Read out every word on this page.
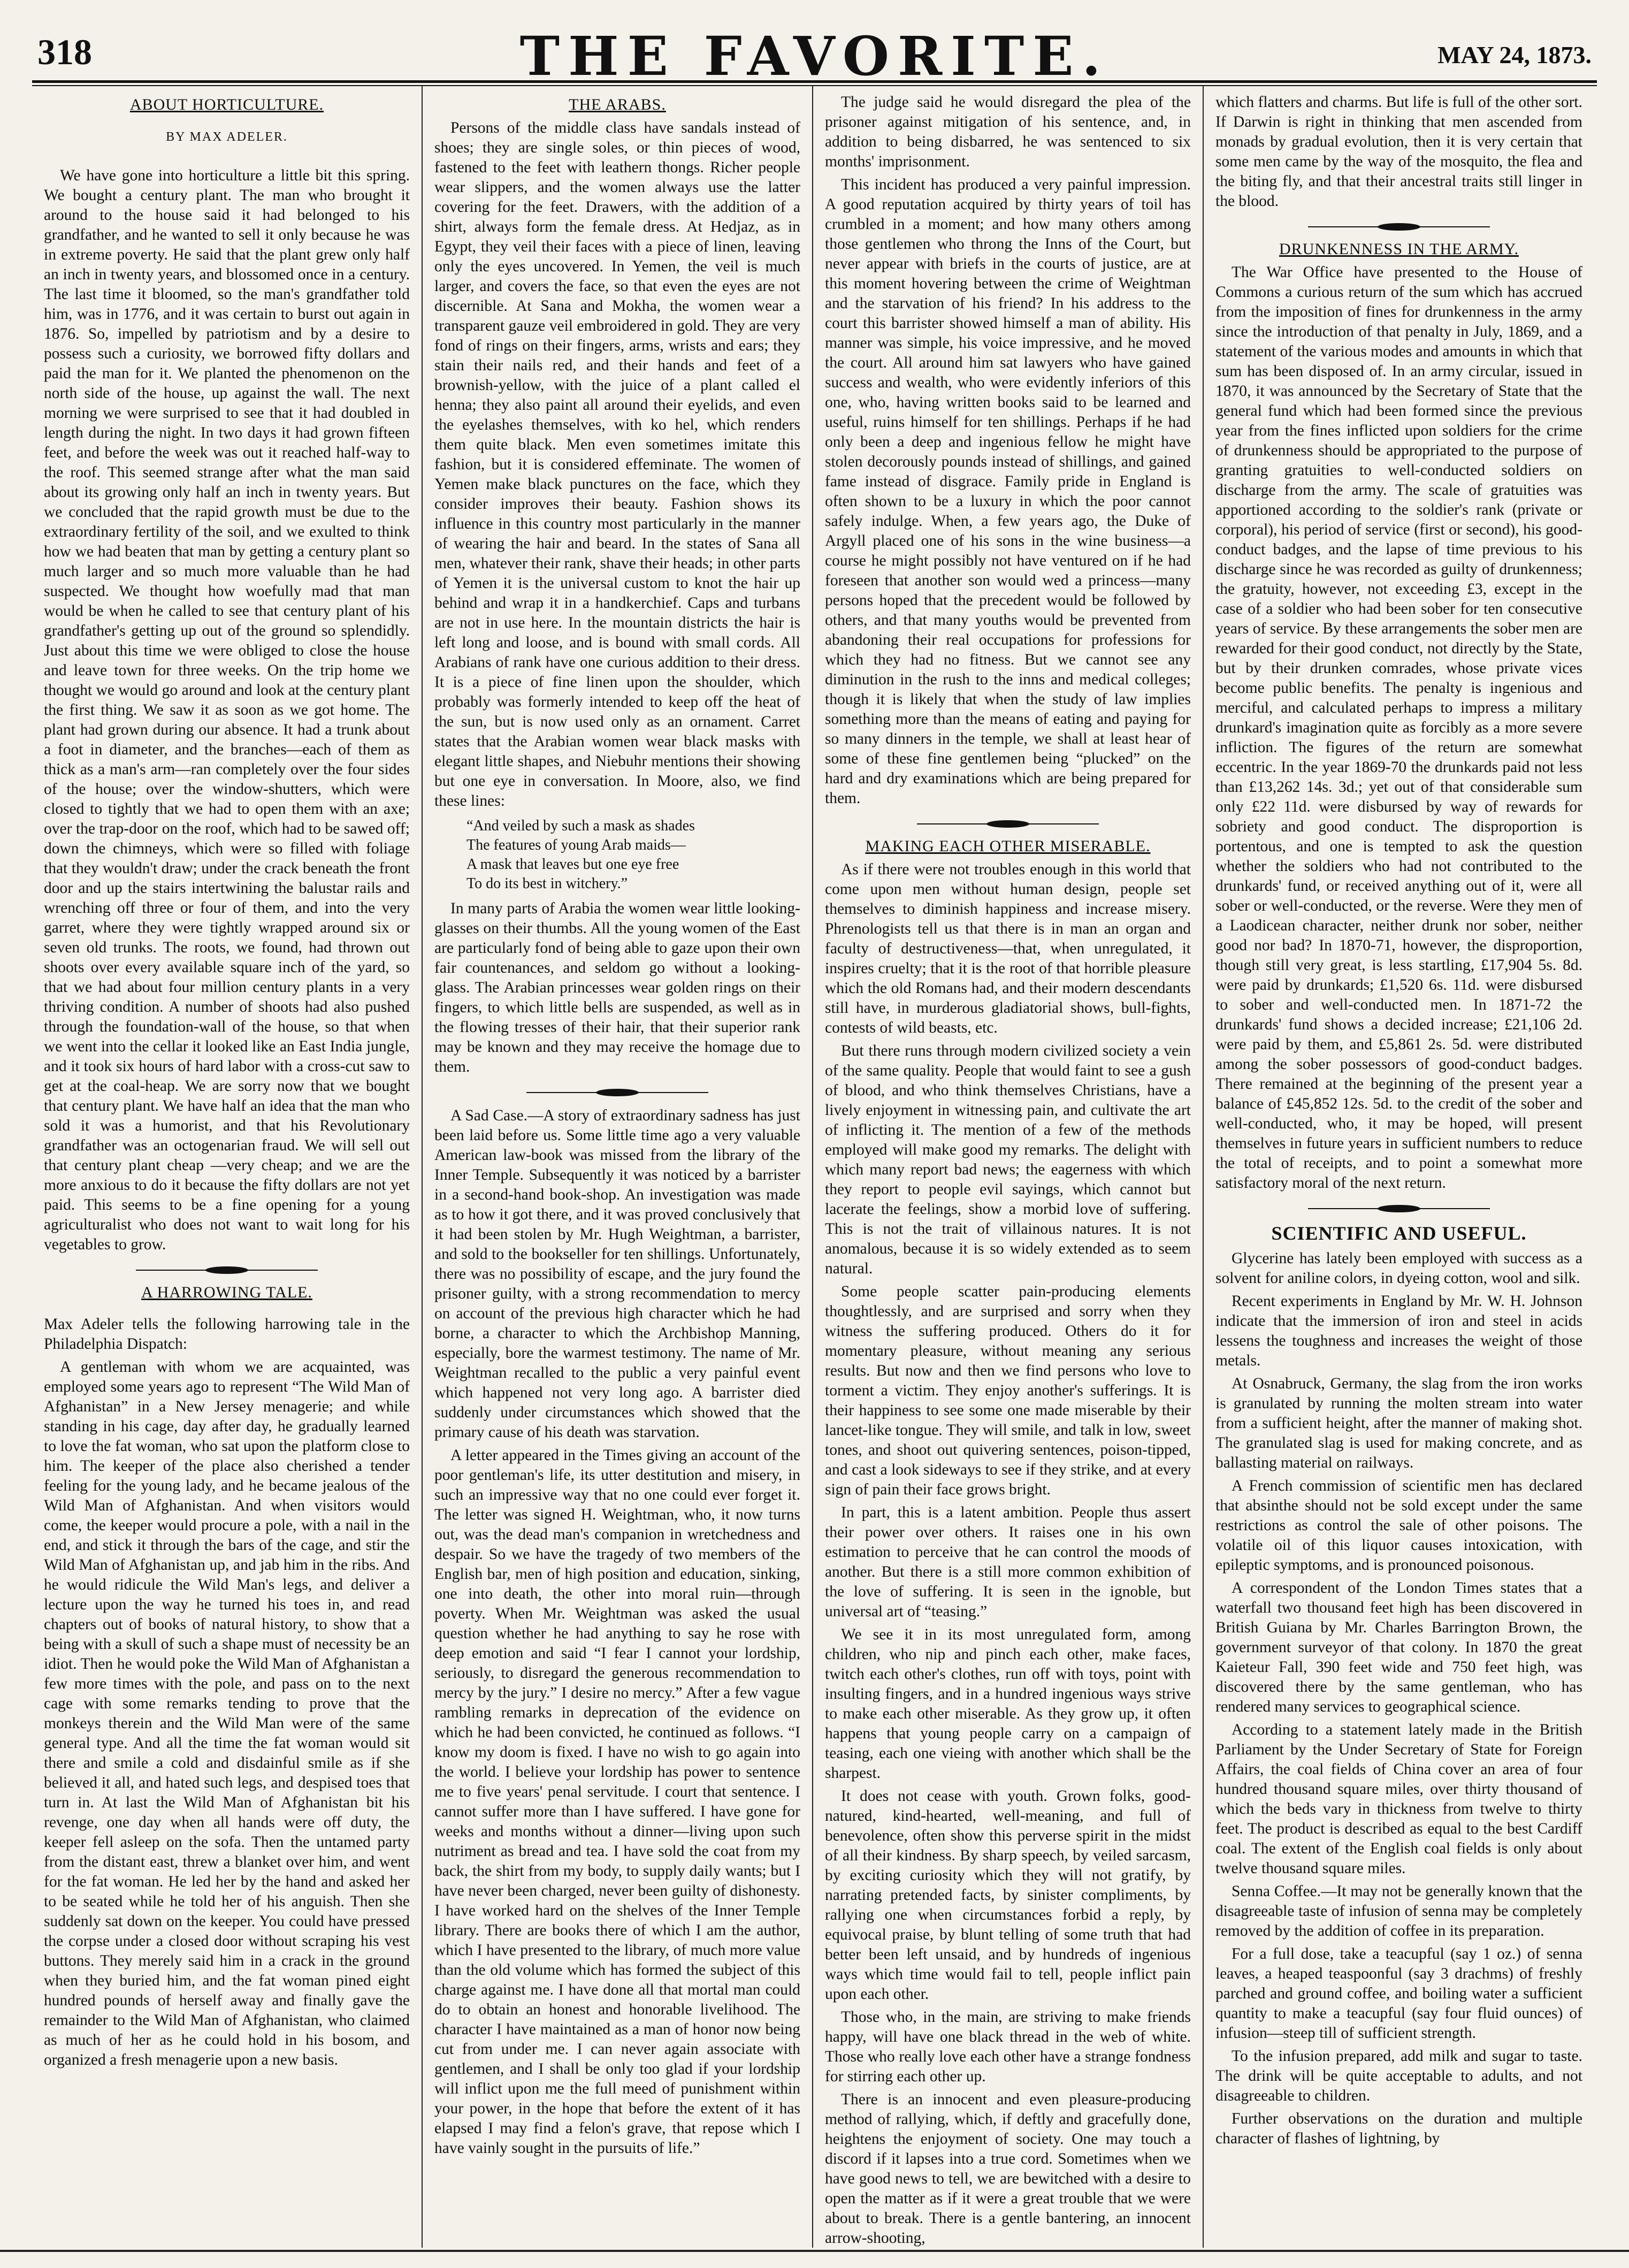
318	THE FAVORITE.	MAY 24, 1873.
ABOUT HORTICULTURE.
BY MAX ADELER.

We have gone into horticulture a little bit this spring. We bought a century plant. The man who brought it around to the house said it had belonged to his grandfather, and he wanted to sell it only because he was in extreme poverty. He said that the plant grew only half an inch in twenty years, and blossomed once in a century. The last time it bloomed, so the man's grandfather told him, was in 1776, and it was certain to burst out again in 1876. So, impelled by patriotism and by a desire to possess such a curiosity, we borrowed fifty dollars and paid the man for it. We planted the phenomenon on the north side of the house, up against the wall. The next morning we were surprised to see that it had doubled in length during the night. In two days it had grown fifteen feet, and before the week was out it reached half-way to the roof. This seemed strange after what the man said about its growing only half an inch in twenty years. But we concluded that the rapid growth must be due to the extraordinary fertility of the soil, and we exulted to think how we had beaten that man by getting a century plant so much larger and so much more valuable than he had suspected. We thought how woefully mad that man would be when he called to see that century plant of his grandfather's getting up out of the ground so splendidly. Just about this time we were obliged to close the house and leave town for three weeks. On the trip home we thought we would go around and look at the century plant the first thing. We saw it as soon as we got home. The plant had grown during our absence. It had a trunk about a foot in diameter, and the branches—each of them as thick as a man's arm—ran completely over the four sides of the house; over the window-shutters, which were closed to tightly that we had to open them with an axe; over the trap-door on the roof, which had to be sawed off; down the chimneys, which were so filled with foliage that they wouldn't draw; under the crack beneath the front door and up the stairs intertwining the balustar rails and wrenching off three or four of them, and into the very garret, where they were tightly wrapped around six or seven old trunks. The roots, we found, had thrown out shoots over every available square inch of the yard, so that we had about four million century plants in a very thriving condition. A number of shoots had also pushed through the foundation-wall of the house, so that when we went into the cellar it looked like an East India jungle, and it took six hours of hard labor with a cross-cut saw to get at the coal-heap. We are sorry now that we bought that century plant. We have half an idea that the man who sold it was a humorist, and that his Revolutionary grandfather was an octogenarian fraud. We will sell out that century plant cheap —very cheap; and we are the more anxious to do it because the fifty dollars are not yet paid. This seems to be a fine opening for a young agriculturalist who does not want to wait long for his vegetables to grow.

A HARROWING TALE.

Max Adeler tells the following harrowing tale in the Philadelphia Dispatch:

A gentleman with whom we are acquainted, was employed some years ago to represent “The Wild Man of Afghanistan” in a New Jersey menagerie; and while standing in his cage, day after day, he gradually learned to love the fat woman, who sat upon the platform close to him. The keeper of the place also cherished a tender feeling for the young lady, and he became jealous of the Wild Man of Afghanistan. And when visitors would come, the keeper would procure a pole, with a nail in the end, and stick it through the bars of the cage, and stir the Wild Man of Afghanistan up, and jab him in the ribs. And he would ridicule the Wild Man's legs, and deliver a lecture upon the way he turned his toes in, and read chapters out of books of natural history, to show that a being with a skull of such a shape must of necessity be an idiot. Then he would poke the Wild Man of Afghanistan a few more times with the pole, and pass on to the next cage with some remarks tending to prove that the monkeys therein and the Wild Man were of the same general type. And all the time the fat woman would sit there and smile a cold and disdainful smile as if she believed it all, and hated such legs, and despised toes that turn in. At last the Wild Man of Afghanistan bit his revenge, one day when all hands were off duty, the keeper fell asleep on the sofa. Then the untamed party from the distant east, threw a blanket over him, and went for the fat woman. He led her by the hand and asked her to be seated while he told her of his anguish. Then she suddenly sat down on the keeper. You could have pressed the corpse under a closed door without scraping his vest buttons. They merely said him in a crack in the ground when they buried him, and the fat woman pined eight hundred pounds of herself away and finally gave the remainder to the Wild Man of Afghanistan, who claimed as much of her as he could hold in his bosom, and organized a fresh menagerie upon a new basis.

THE ARABS.

Persons of the middle class have sandals instead of shoes; they are single soles, or thin pieces of wood, fastened to the feet with leathern thongs. Richer people wear slippers, and the women always use the latter covering for the feet. Drawers, with the addition of a shirt, always form the female dress. At Hedjaz, as in Egypt, they veil their faces with a piece of linen, leaving only the eyes uncovered. In Yemen, the veil is much larger, and covers the face, so that even the eyes are not discernible. At Sana and Mokha, the women wear a transparent gauze veil embroidered in gold. They are very fond of rings on their fingers, arms, wrists and ears; they stain their nails red, and their hands and feet of a brownish-yellow, with the juice of a plant called el henna; they also paint all around their eyelids, and even the eyelashes themselves, with ko hel, which renders them quite black. Men even sometimes imitate this fashion, but it is considered effeminate. The women of Yemen make black punctures on the face, which they consider improves their beauty. Fashion shows its influence in this country most particularly in the manner of wearing the hair and beard. In the states of Sana all men, whatever their rank, shave their heads; in other parts of Yemen it is the universal custom to knot the hair up behind and wrap it in a handkerchief. Caps and turbans are not in use here. In the mountain districts the hair is left long and loose, and is bound with small cords. All Arabians of rank have one curious addition to their dress. It is a piece of fine linen upon the shoulder, which probably was formerly intended to keep off the heat of the sun, but is now used only as an ornament. Carret states that the Arabian women wear black masks with elegant little shapes, and Niebuhr mentions their showing but one eye in conversation. In Moore, also, we find these lines:

“And veiled by such a mask as shades
The features of young Arab maids—
A mask that leaves but one eye free
To do its best in witchery.”

In many parts of Arabia the women wear little looking-glasses on their thumbs. All the young women of the East are particularly fond of being able to gaze upon their own fair countenances, and seldom go without a looking-glass. The Arabian princesses wear golden rings on their fingers, to which little bells are suspended, as well as in the flowing tresses of their hair, that their superior rank may be known and they may receive the homage due to them.

A Sad Case.—A story of extraordinary sadness has just been laid before us. Some little time ago a very valuable American law-book was missed from the library of the Inner Temple. Subsequently it was noticed by a barrister in a second-hand book-shop. An investigation was made as to how it got there, and it was proved conclusively that it had been stolen by Mr. Hugh Weightman, a barrister, and sold to the bookseller for ten shillings. Unfortunately, there was no possibility of escape, and the jury found the prisoner guilty, with a strong recommendation to mercy on account of the previous high character which he had borne, a character to which the Archbishop Manning, especially, bore the warmest testimony. The name of Mr. Weightman recalled to the public a very painful event which happened not very long ago. A barrister died suddenly under circumstances which showed that the primary cause of his death was starvation.

A letter appeared in the Times giving an account of the poor gentleman's life, its utter destitution and misery, in such an impressive way that no one could ever forget it. The letter was signed H. Weightman, who, it now turns out, was the dead man's companion in wretchedness and despair. So we have the tragedy of two members of the English bar, men of high position and education, sinking, one into death, the other into moral ruin—through poverty. When Mr. Weightman was asked the usual question whether he had anything to say he rose with deep emotion and said “I fear I cannot your lordship, seriously, to disregard the generous recommendation to mercy by the jury.” I desire no mercy.” After a few vague rambling remarks in deprecation of the evidence on which he had been convicted, he continued as follows. “I know my doom is fixed. I have no wish to go again into the world. I believe your lordship has power to sentence me to five years' penal servitude. I court that sentence. I cannot suffer more than I have suffered. I have gone for weeks and months without a dinner—living upon such nutriment as bread and tea. I have sold the coat from my back, the shirt from my body, to supply daily wants; but I have never been charged, never been guilty of dishonesty. I have worked hard on the shelves of the Inner Temple library. There are books there of which I am the author, which I have presented to the library, of much more value than the old volume which has formed the subject of this charge against me. I have done all that mortal man could do to obtain an honest and honorable livelihood. The character I have maintained as a man of honor now being cut from under me. I can never again associate with gentlemen, and I shall be only too glad if your lordship will inflict upon me the full meed of punishment within your power, in the hope that before the extent of it has elapsed I may find a felon's grave, that repose which I have vainly sought in the pursuits of life.”

The judge said he would disregard the plea of the prisoner against mitigation of his sentence, and, in addition to being disbarred, he was sentenced to six months' imprisonment.

This incident has produced a very painful impression. A good reputation acquired by thirty years of toil has crumbled in a moment; and how many others among those gentlemen who throng the Inns of the Court, but never appear with briefs in the courts of justice, are at this moment hovering between the crime of Weightman and the starvation of his friend? In his address to the court this barrister showed himself a man of ability. His manner was simple, his voice impressive, and he moved the court. All around him sat lawyers who have gained success and wealth, who were evidently inferiors of this one, who, having written books said to be learned and useful, ruins himself for ten shillings. Perhaps if he had only been a deep and ingenious fellow he might have stolen decorously pounds instead of shillings, and gained fame instead of disgrace. Family pride in England is often shown to be a luxury in which the poor cannot safely indulge. When, a few years ago, the Duke of Argyll placed one of his sons in the wine business—a course he might possibly not have ventured on if he had foreseen that another son would wed a princess—many persons hoped that the precedent would be followed by others, and that many youths would be prevented from abandoning their real occupations for professions for which they had no fitness. But we cannot see any diminution in the rush to the inns and medical colleges; though it is likely that when the study of law implies something more than the means of eating and paying for so many dinners in the temple, we shall at least hear of some of these fine gentlemen being “plucked” on the hard and dry examinations which are being prepared for them.

MAKING EACH OTHER MISERABLE.

As if there were not troubles enough in this world that come upon men without human design, people set themselves to diminish happiness and increase misery. Phrenologists tell us that there is in man an organ and faculty of destructiveness—that, when unregulated, it inspires cruelty; that it is the root of that horrible pleasure which the old Romans had, and their modern descendants still have, in murderous gladiatorial shows, bull-fights, contests of wild beasts, etc.

But there runs through modern civilized society a vein of the same quality. People that would faint to see a gush of blood, and who think themselves Christians, have a lively enjoyment in witnessing pain, and cultivate the art of inflicting it. The mention of a few of the methods employed will make good my remarks. The delight with which many report bad news; the eagerness with which they report to people evil sayings, which cannot but lacerate the feelings, show a morbid love of suffering. This is not the trait of villainous natures. It is not anomalous, because it is so widely extended as to seem natural.

Some people scatter pain-producing elements thoughtlessly, and are surprised and sorry when they witness the suffering produced. Others do it for momentary pleasure, without meaning any serious results. But now and then we find persons who love to torment a victim. They enjoy another's sufferings. It is their happiness to see some one made miserable by their lancet-like tongue. They will smile, and talk in low, sweet tones, and shoot out quivering sentences, poison-tipped, and cast a look sideways to see if they strike, and at every sign of pain their face grows bright.

In part, this is a latent ambition. People thus assert their power over others. It raises one in his own estimation to perceive that he can control the moods of another. But there is a still more common exhibition of the love of suffering. It is seen in the ignoble, but universal art of “teasing.”

We see it in its most unregulated form, among children, who nip and pinch each other, make faces, twitch each other's clothes, run off with toys, point with insulting fingers, and in a hundred ingenious ways strive to make each other miserable. As they grow up, it often happens that young people carry on a campaign of teasing, each one vieing with another which shall be the sharpest.

It does not cease with youth. Grown folks, good-natured, kind-hearted, well-meaning, and full of benevolence, often show this perverse spirit in the midst of all their kindness. By sharp speech, by veiled sarcasm, by exciting curiosity which they will not gratify, by narrating pretended facts, by sinister compliments, by rallying one when circumstances forbid a reply, by equivocal praise, by blunt telling of some truth that had better been left unsaid, and by hundreds of ingenious ways which time would fail to tell, people inflict pain upon each other.

Those who, in the main, are striving to make friends happy, will have one black thread in the web of white. Those who really love each other have a strange fondness for stirring each other up.

There is an innocent and even pleasure-producing method of rallying, which, if deftly and gracefully done, heightens the enjoyment of society. One may touch a discord if it lapses into a true cord. Sometimes when we have good news to tell, we are bewitched with a desire to open the matter as if it were a great trouble that we were about to break. There is a gentle bantering, an innocent arrow-shooting,

which flatters and charms. But life is full of the other sort. If Darwin is right in thinking that men ascended from monads by gradual evolution, then it is very certain that some men came by the way of the mosquito, the flea and the biting fly, and that their ancestral traits still linger in the blood.

DRUNKENNESS IN THE ARMY.

The War Office have presented to the House of Commons a curious return of the sum which has accrued from the imposition of fines for drunkenness in the army since the introduction of that penalty in July, 1869, and a statement of the various modes and amounts in which that sum has been disposed of. In an army circular, issued in 1870, it was announced by the Secretary of State that the general fund which had been formed since the previous year from the fines inflicted upon soldiers for the crime of drunkenness should be appropriated to the purpose of granting gratuities to well-conducted soldiers on discharge from the army. The scale of gratuities was apportioned according to the soldier's rank (private or corporal), his period of service (first or second), his good-conduct badges, and the lapse of time previous to his discharge since he was recorded as guilty of drunkenness; the gratuity, however, not exceeding £3, except in the case of a soldier who had been sober for ten consecutive years of service. By these arrangements the sober men are rewarded for their good conduct, not directly by the State, but by their drunken comrades, whose private vices become public benefits. The penalty is ingenious and merciful, and calculated perhaps to impress a military drunkard's imagination quite as forcibly as a more severe infliction. The figures of the return are somewhat eccentric. In the year 1869-70 the drunkards paid not less than £13,262 14s. 3d.; yet out of that considerable sum only £22 11d. were disbursed by way of rewards for sobriety and good conduct. The disproportion is portentous, and one is tempted to ask the question whether the soldiers who had not contributed to the drunkards' fund, or received anything out of it, were all sober or well-conducted, or the reverse. Were they men of a Laodicean character, neither drunk nor sober, neither good nor bad? In 1870-71, however, the disproportion, though still very great, is less startling, £17,904 5s. 8d. were paid by drunkards; £1,520 6s. 11d. were disbursed to sober and well-conducted men. In 1871-72 the drunkards' fund shows a decided increase; £21,106 2d. were paid by them, and £5,861 2s. 5d. were distributed among the sober possessors of good-conduct badges. There remained at the beginning of the present year a balance of £45,852 12s. 5d. to the credit of the sober and well-conducted, who, it may be hoped, will present themselves in future years in sufficient numbers to reduce the total of receipts, and to point a somewhat more satisfactory moral of the next return.

SCIENTIFIC AND USEFUL.

Glycerine has lately been employed with success as a solvent for aniline colors, in dyeing cotton, wool and silk.

Recent experiments in England by Mr. W. H. Johnson indicate that the immersion of iron and steel in acids lessens the toughness and increases the weight of those metals.

At Osnabruck, Germany, the slag from the iron works is granulated by running the molten stream into water from a sufficient height, after the manner of making shot. The granulated slag is used for making concrete, and as ballasting material on railways.

A French commission of scientific men has declared that absinthe should not be sold except under the same restrictions as control the sale of other poisons. The volatile oil of this liquor causes intoxication, with epileptic symptoms, and is pronounced poisonous.

A correspondent of the London Times states that a waterfall two thousand feet high has been discovered in British Guiana by Mr. Charles Barrington Brown, the government surveyor of that colony. In 1870 the great Kaieteur Fall, 390 feet wide and 750 feet high, was discovered there by the same gentleman, who has rendered many services to geographical science.

According to a statement lately made in the British Parliament by the Under Secretary of State for Foreign Affairs, the coal fields of China cover an area of four hundred thousand square miles, over thirty thousand of which the beds vary in thickness from twelve to thirty feet. The product is described as equal to the best Cardiff coal. The extent of the English coal fields is only about twelve thousand square miles.

Senna Coffee.—It may not be generally known that the disagreeable taste of infusion of senna may be completely removed by the addition of coffee in its preparation.

For a full dose, take a teacupful (say 1 oz.) of senna leaves, a heaped teaspoonful (say 3 drachms) of freshly parched and ground coffee, and boiling water a sufficient quantity to make a teacupful (say four fluid ounces) of infusion—steep till of sufficient strength.

To the infusion prepared, add milk and sugar to taste. The drink will be quite acceptable to adults, and not disagreeable to children.

Further observations on the duration and multiple character of flashes of lightning, by
